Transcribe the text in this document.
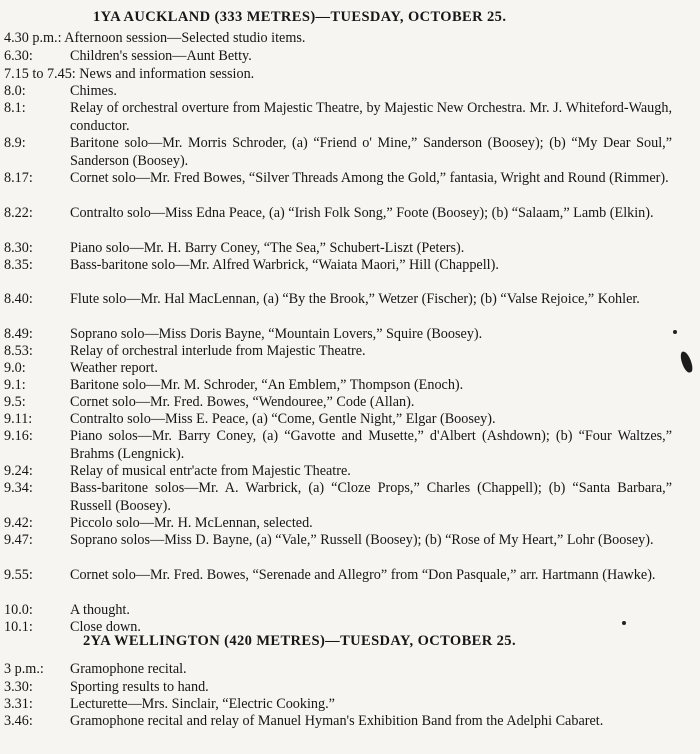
1YA AUCKLAND (333 METRES)—TUESDAY, OCTOBER 25.
4.30 p.m.: Afternoon session—Selected studio items.
6.30:	Children's session—Aunt Betty.
7.15 to 7.45: News and information session.
8.0:	Chimes.
8.1:	Relay of orchestral overture from Majestic Theatre, by Majestic New Orchestra. Mr. J. Whiteford-Waugh, conductor.
8.9:	Baritone solo—Mr. Morris Schroder, (a) “Friend o' Mine,” Sanderson (Boosey); (b) “My Dear Soul,” Sanderson (Boosey).
8.17:	Cornet solo—Mr. Fred Bowes, “Silver Threads Among the Gold,” fantasia, Wright and Round (Rimmer).
8.22:	Contralto solo—Miss Edna Peace, (a) “Irish Folk Song,” Foote (Boosey); (b) “Salaam,” Lamb (Elkin).
8.30:	Piano solo—Mr. H. Barry Coney, “The Sea,” Schubert-Liszt (Peters).
8.35:	Bass-baritone solo—Mr. Alfred Warbrick, “Waiata Maori,” Hill (Chappell).
8.40:	Flute solo—Mr. Hal MacLennan, (a) “By the Brook,” Wetzer (Fischer); (b) “Valse Rejoice,” Kohler.
8.49:	Soprano solo—Miss Doris Bayne, “Mountain Lovers,” Squire (Boosey).
8.53:	Relay of orchestral interlude from Majestic Theatre.
9.0:	Weather report.
9.1:	Baritone solo—Mr. M. Schroder, “An Emblem,” Thompson (Enoch).
9.5:	Cornet solo—Mr. Fred. Bowes, “Wendouree,” Code (Allan).
9.11:	Contralto solo—Miss E. Peace, (a) “Come, Gentle Night,” Elgar (Boosey).
9.16:	Piano solos—Mr. Barry Coney, (a) “Gavotte and Musette,” d'Albert (Ashdown); (b) “Four Waltzes,” Brahms (Lengnick).
9.24:	Relay of musical entr'acte from Majestic Theatre.
9.34:	Bass-baritone solos—Mr. A. Warbrick, (a) “Cloze Props,” Charles (Chappell); (b) “Santa Barbara,” Russell (Boosey).
9.42:	Piccolo solo—Mr. H. McLennan, selected.
9.47:	Soprano solos—Miss D. Bayne, (a) “Vale,” Russell (Boosey); (b) “Rose of My Heart,” Lohr (Boosey).
9.55:	Cornet solo—Mr. Fred. Bowes, “Serenade and Allegro” from “Don Pasquale,” arr. Hartmann (Hawke).
10.0:	A thought.
10.1:	Close down.
2YA WELLINGTON (420 METRES)—TUESDAY, OCTOBER 25.
3 p.m.: Gramophone recital.
3.30:	Sporting results to hand.
3.31:	Lecturette—Mrs. Sinclair, “Electric Cooking.”
3.46:	Gramophone recital and relay of Manuel Hyman's Exhibition Band from the Adelphi Cabaret.
